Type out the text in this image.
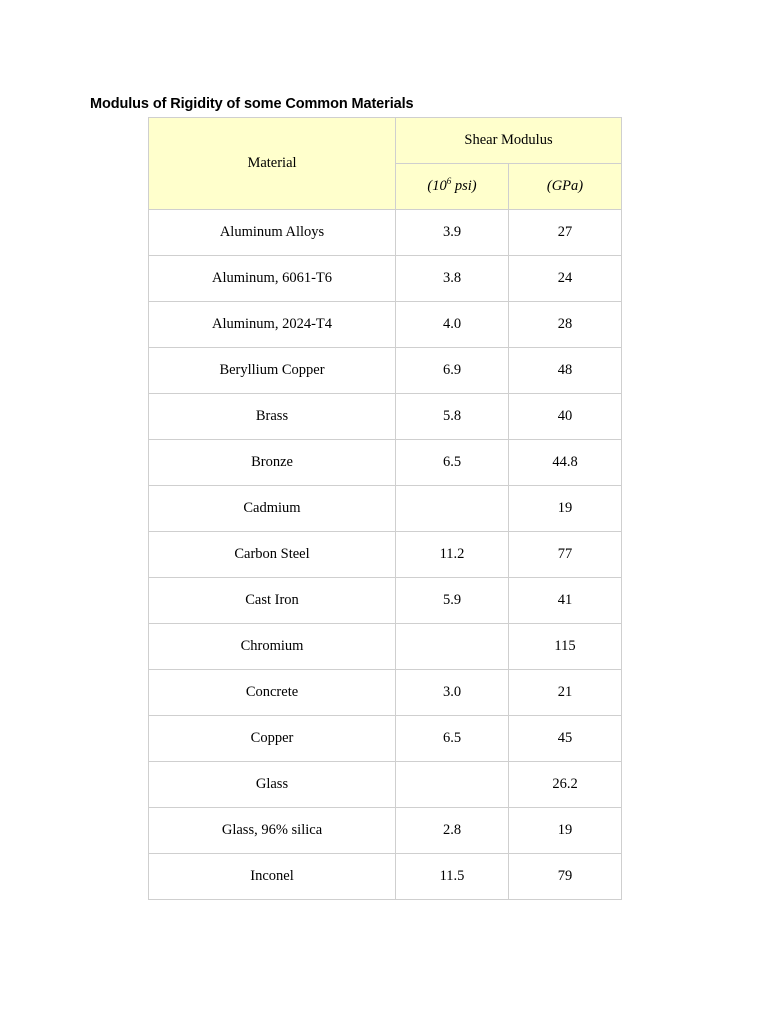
Modulus of Rigidity of some Common Materials
Material	Shear Modulus	
	($10^6$ psi)	(GPa)
Aluminum Alloys	3.9	27
Aluminum, 6061-T6	3.8	24
Aluminum, 2024-T4	4.0	28
Beryllium Copper	6.9	48
Brass	5.8	40
Bronze	6.5	44.8
Cadmium		19
Carbon Steel	11.2	77
Cast Iron	5.9	41
Chromium		115
Concrete	3.0	21
Copper	6.5	45
Glass		26.2
Glass, 96% silica	2.8	19
Inconel	11.5	79
